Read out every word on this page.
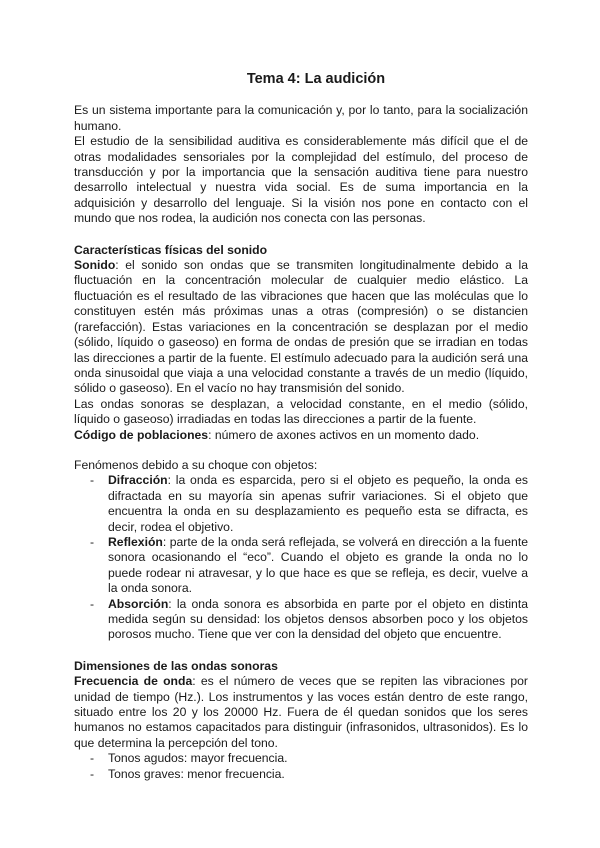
Tema 4: La audición

Es un sistema importante para la comunicación y, por lo tanto, para la socialización humano.

El estudio de la sensibilidad auditiva es considerablemente más difícil que el de otras modalidades sensoriales por la complejidad del estímulo, del proceso de transducción y por la importancia que la sensación auditiva tiene para nuestro desarrollo intelectual y nuestra vida social. Es de suma importancia en la adquisición y desarrollo del lenguaje. Si la visión nos pone en contacto con el mundo que nos rodea, la audición nos conecta con las personas.

Características físicas del sonido

Sonido: el sonido son ondas que se transmiten longitudinalmente debido a la fluctuación en la concentración molecular de cualquier medio elástico. La fluctuación es el resultado de las vibraciones que hacen que las moléculas que lo constituyen estén más próximas unas a otras (compresión) o se distancien (rarefacción). Estas variaciones en la concentración se desplazan por el medio (sólido, líquido o gaseoso) en forma de ondas de presión que se irradian en todas las direcciones a partir de la fuente. El estímulo adecuado para la audición será una onda sinusoidal que viaja a una velocidad constante a través de un medio (líquido, sólido o gaseoso). En el vacío no hay transmisión del sonido.

Las ondas sonoras se desplazan, a velocidad constante, en el medio (sólido, líquido o gaseoso) irradiadas en todas las direcciones a partir de la fuente.

Código de poblaciones: número de axones activos en un momento dado.

Fenómenos debido a su choque con objetos:

- Difracción: la onda es esparcida, pero si el objeto es pequeño, la onda es difractada en su mayoría sin apenas sufrir variaciones. Si el objeto que encuentra la onda en su desplazamiento es pequeño esta se difracta, es decir, rodea el objetivo.
- Reflexión: parte de la onda será reflejada, se volverá en dirección a la fuente sonora ocasionando el “eco”. Cuando el objeto es grande la onda no lo puede rodear ni atravesar, y lo que hace es que se refleja, es decir, vuelve a la onda sonora.
- Absorción: la onda sonora es absorbida en parte por el objeto en distinta medida según su densidad: los objetos densos absorben poco y los objetos porosos mucho. Tiene que ver con la densidad del objeto que encuentre.

Dimensiones de las ondas sonoras

Frecuencia de onda: es el número de veces que se repiten las vibraciones por unidad de tiempo (Hz.). Los instrumentos y las voces están dentro de este rango, situado entre los 20 y los 20000 Hz. Fuera de él quedan sonidos que los seres humanos no estamos capacitados para distinguir (infrasonidos, ultrasonidos). Es lo que determina la percepción del tono.

- Tonos agudos: mayor frecuencia.
- Tonos graves: menor frecuencia.
